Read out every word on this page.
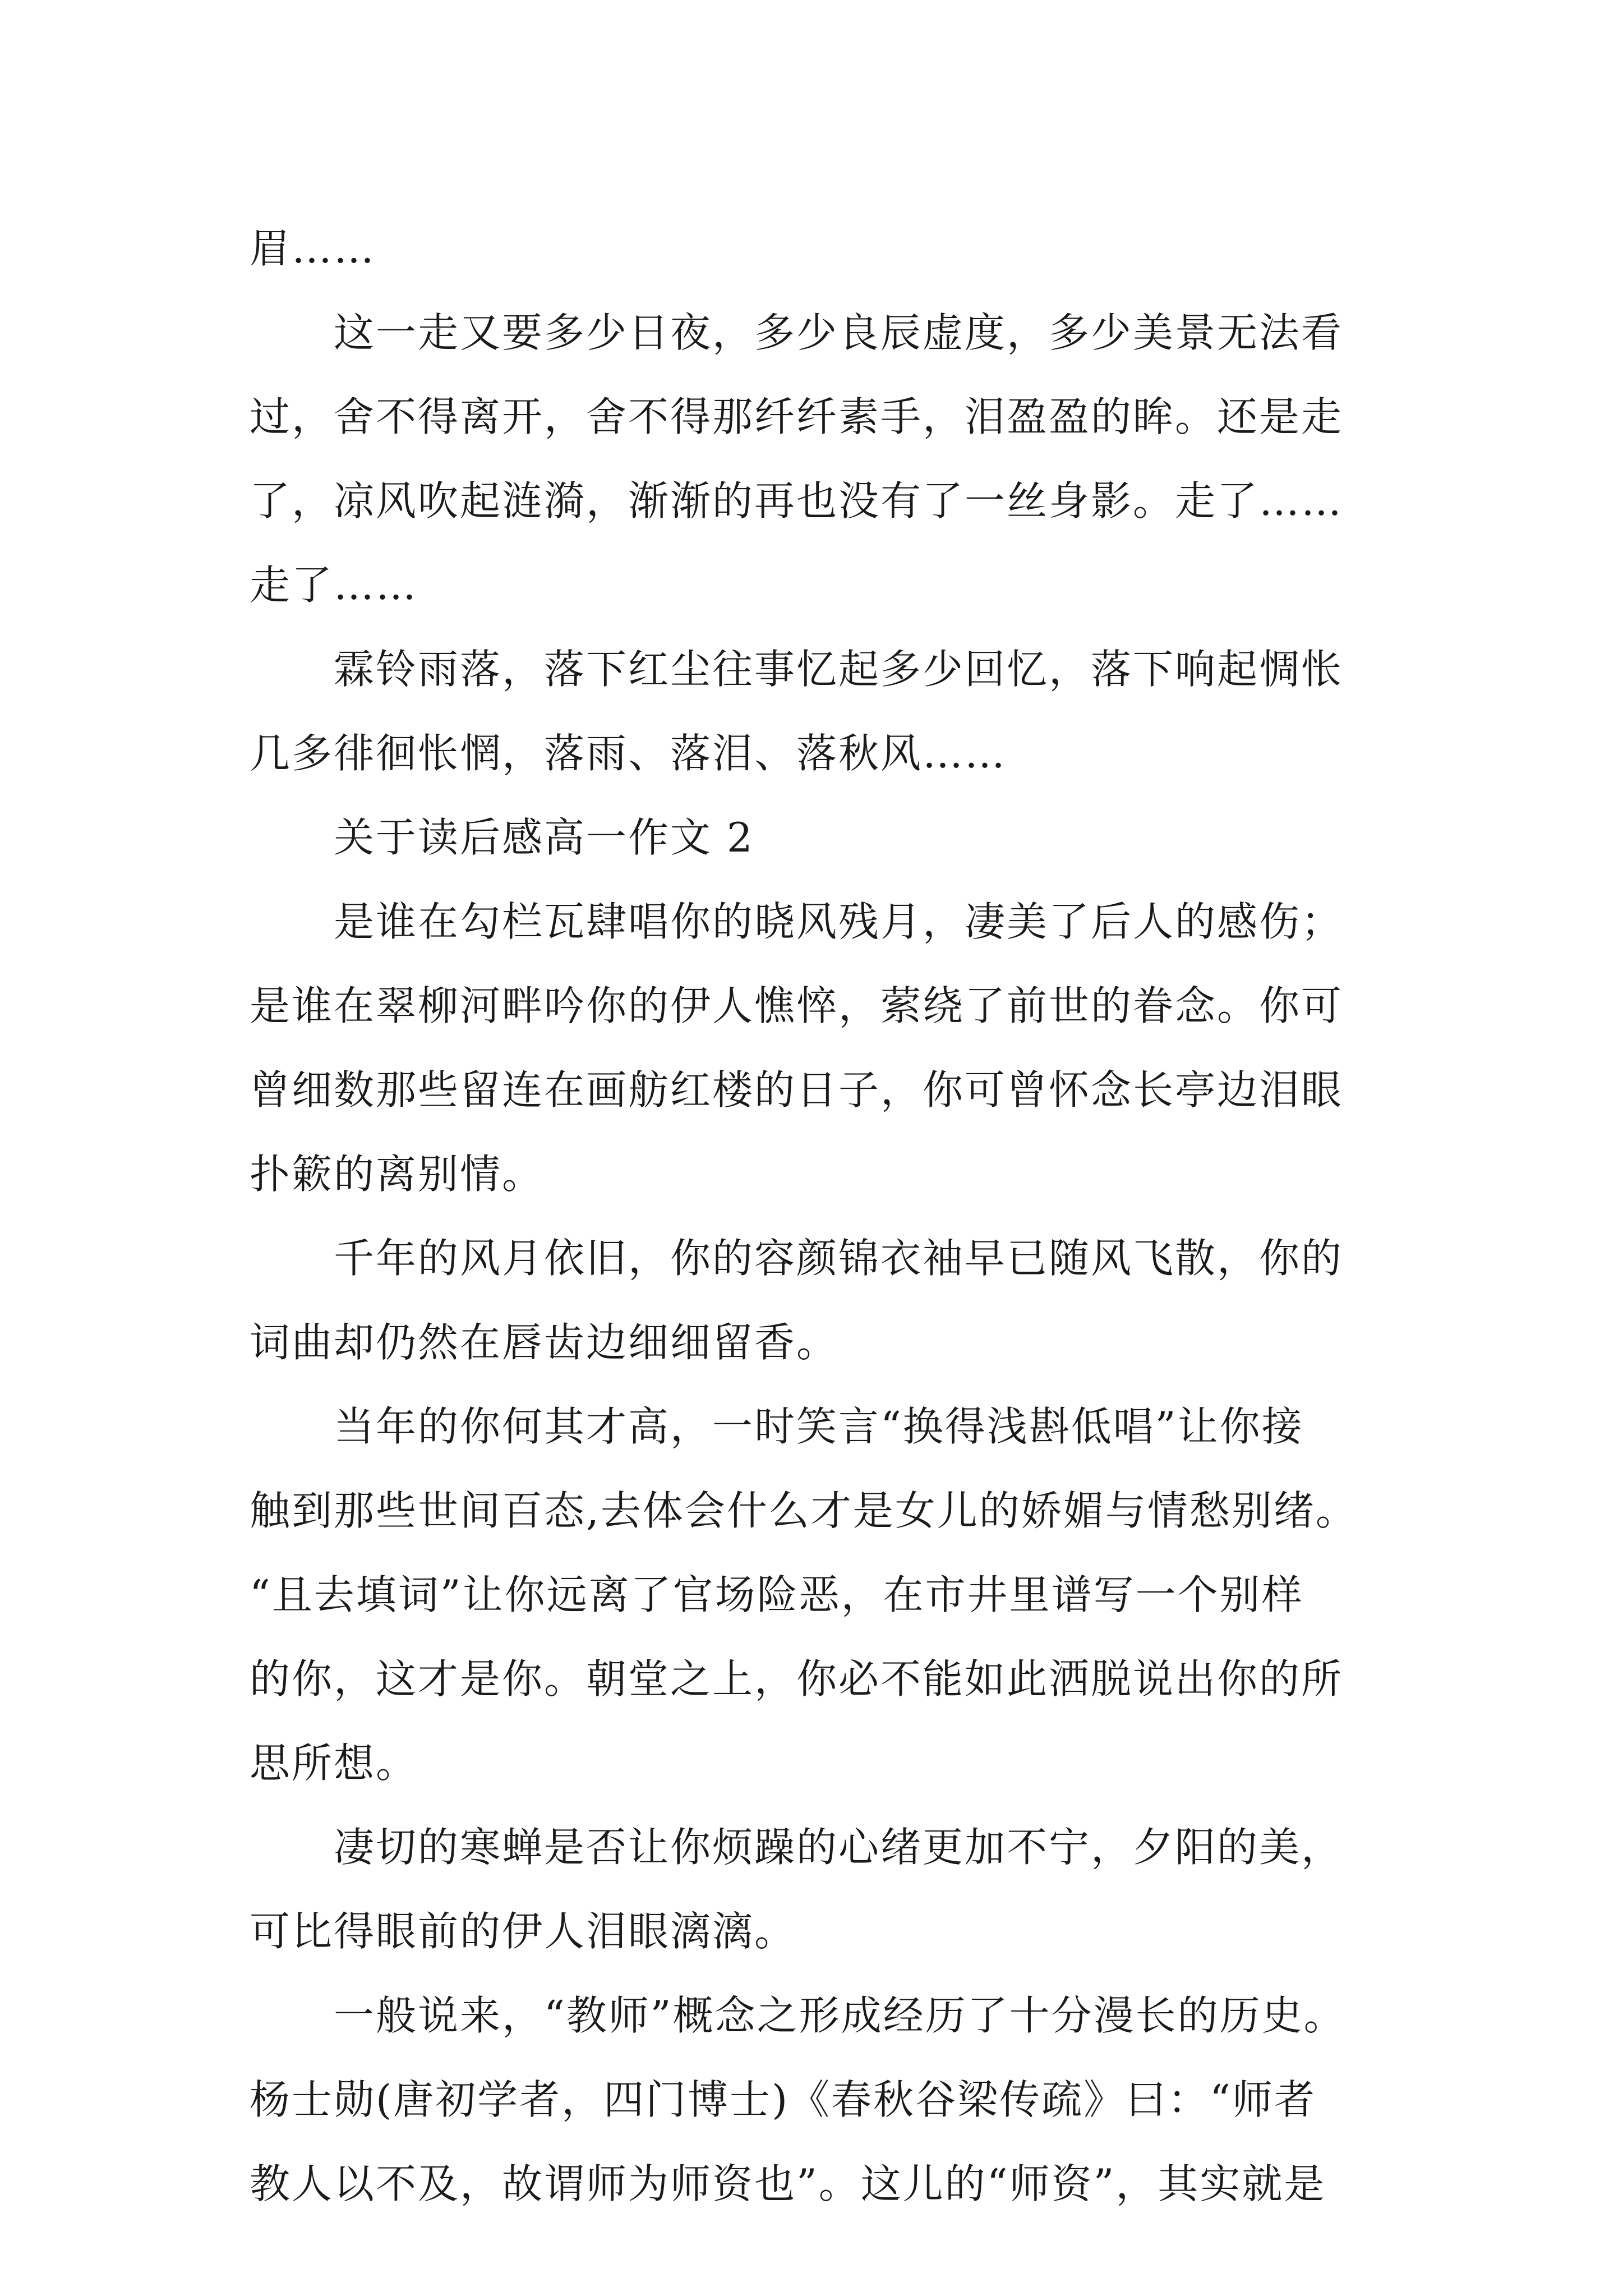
眉……
这一走又要多少日夜，多少良辰虚度，多少美景无法看
过，舍不得离开，舍不得那纤纤素手，泪盈盈的眸。还是走
了，凉风吹起涟漪，渐渐的再也没有了一丝身影。走了……
走了……
霖铃雨落，落下红尘往事忆起多少回忆，落下响起惆怅
几多徘徊怅惘，落雨、落泪、落秋风……
关于读后感高一作文 2
是谁在勾栏瓦肆唱你的晓风残月，凄美了后人的感伤；
是谁在翠柳河畔吟你的伊人憔悴，萦绕了前世的眷念。你可
曾细数那些留连在画舫红楼的日子，你可曾怀念长亭边泪眼
扑簌的离别情。
千年的风月依旧，你的容颜锦衣袖早已随风飞散，你的
词曲却仍然在唇齿边细细留香。
当年的你何其才高，一时笑言“换得浅斟低唱”让你接
触到那些世间百态,去体会什么才是女儿的娇媚与情愁别绪。
“且去填词”让你远离了官场险恶，在市井里谱写一个别样
的你，这才是你。朝堂之上，你必不能如此洒脱说出你的所
思所想。
凄切的寒蝉是否让你烦躁的心绪更加不宁，夕阳的美，
可比得眼前的伊人泪眼漓漓。
一般说来，“教师”概念之形成经历了十分漫长的历史。
杨士勋(唐初学者，四门博士)《春秋谷梁传疏》曰：“师者
教人以不及，故谓师为师资也”。这儿的“师资”，其实就是
